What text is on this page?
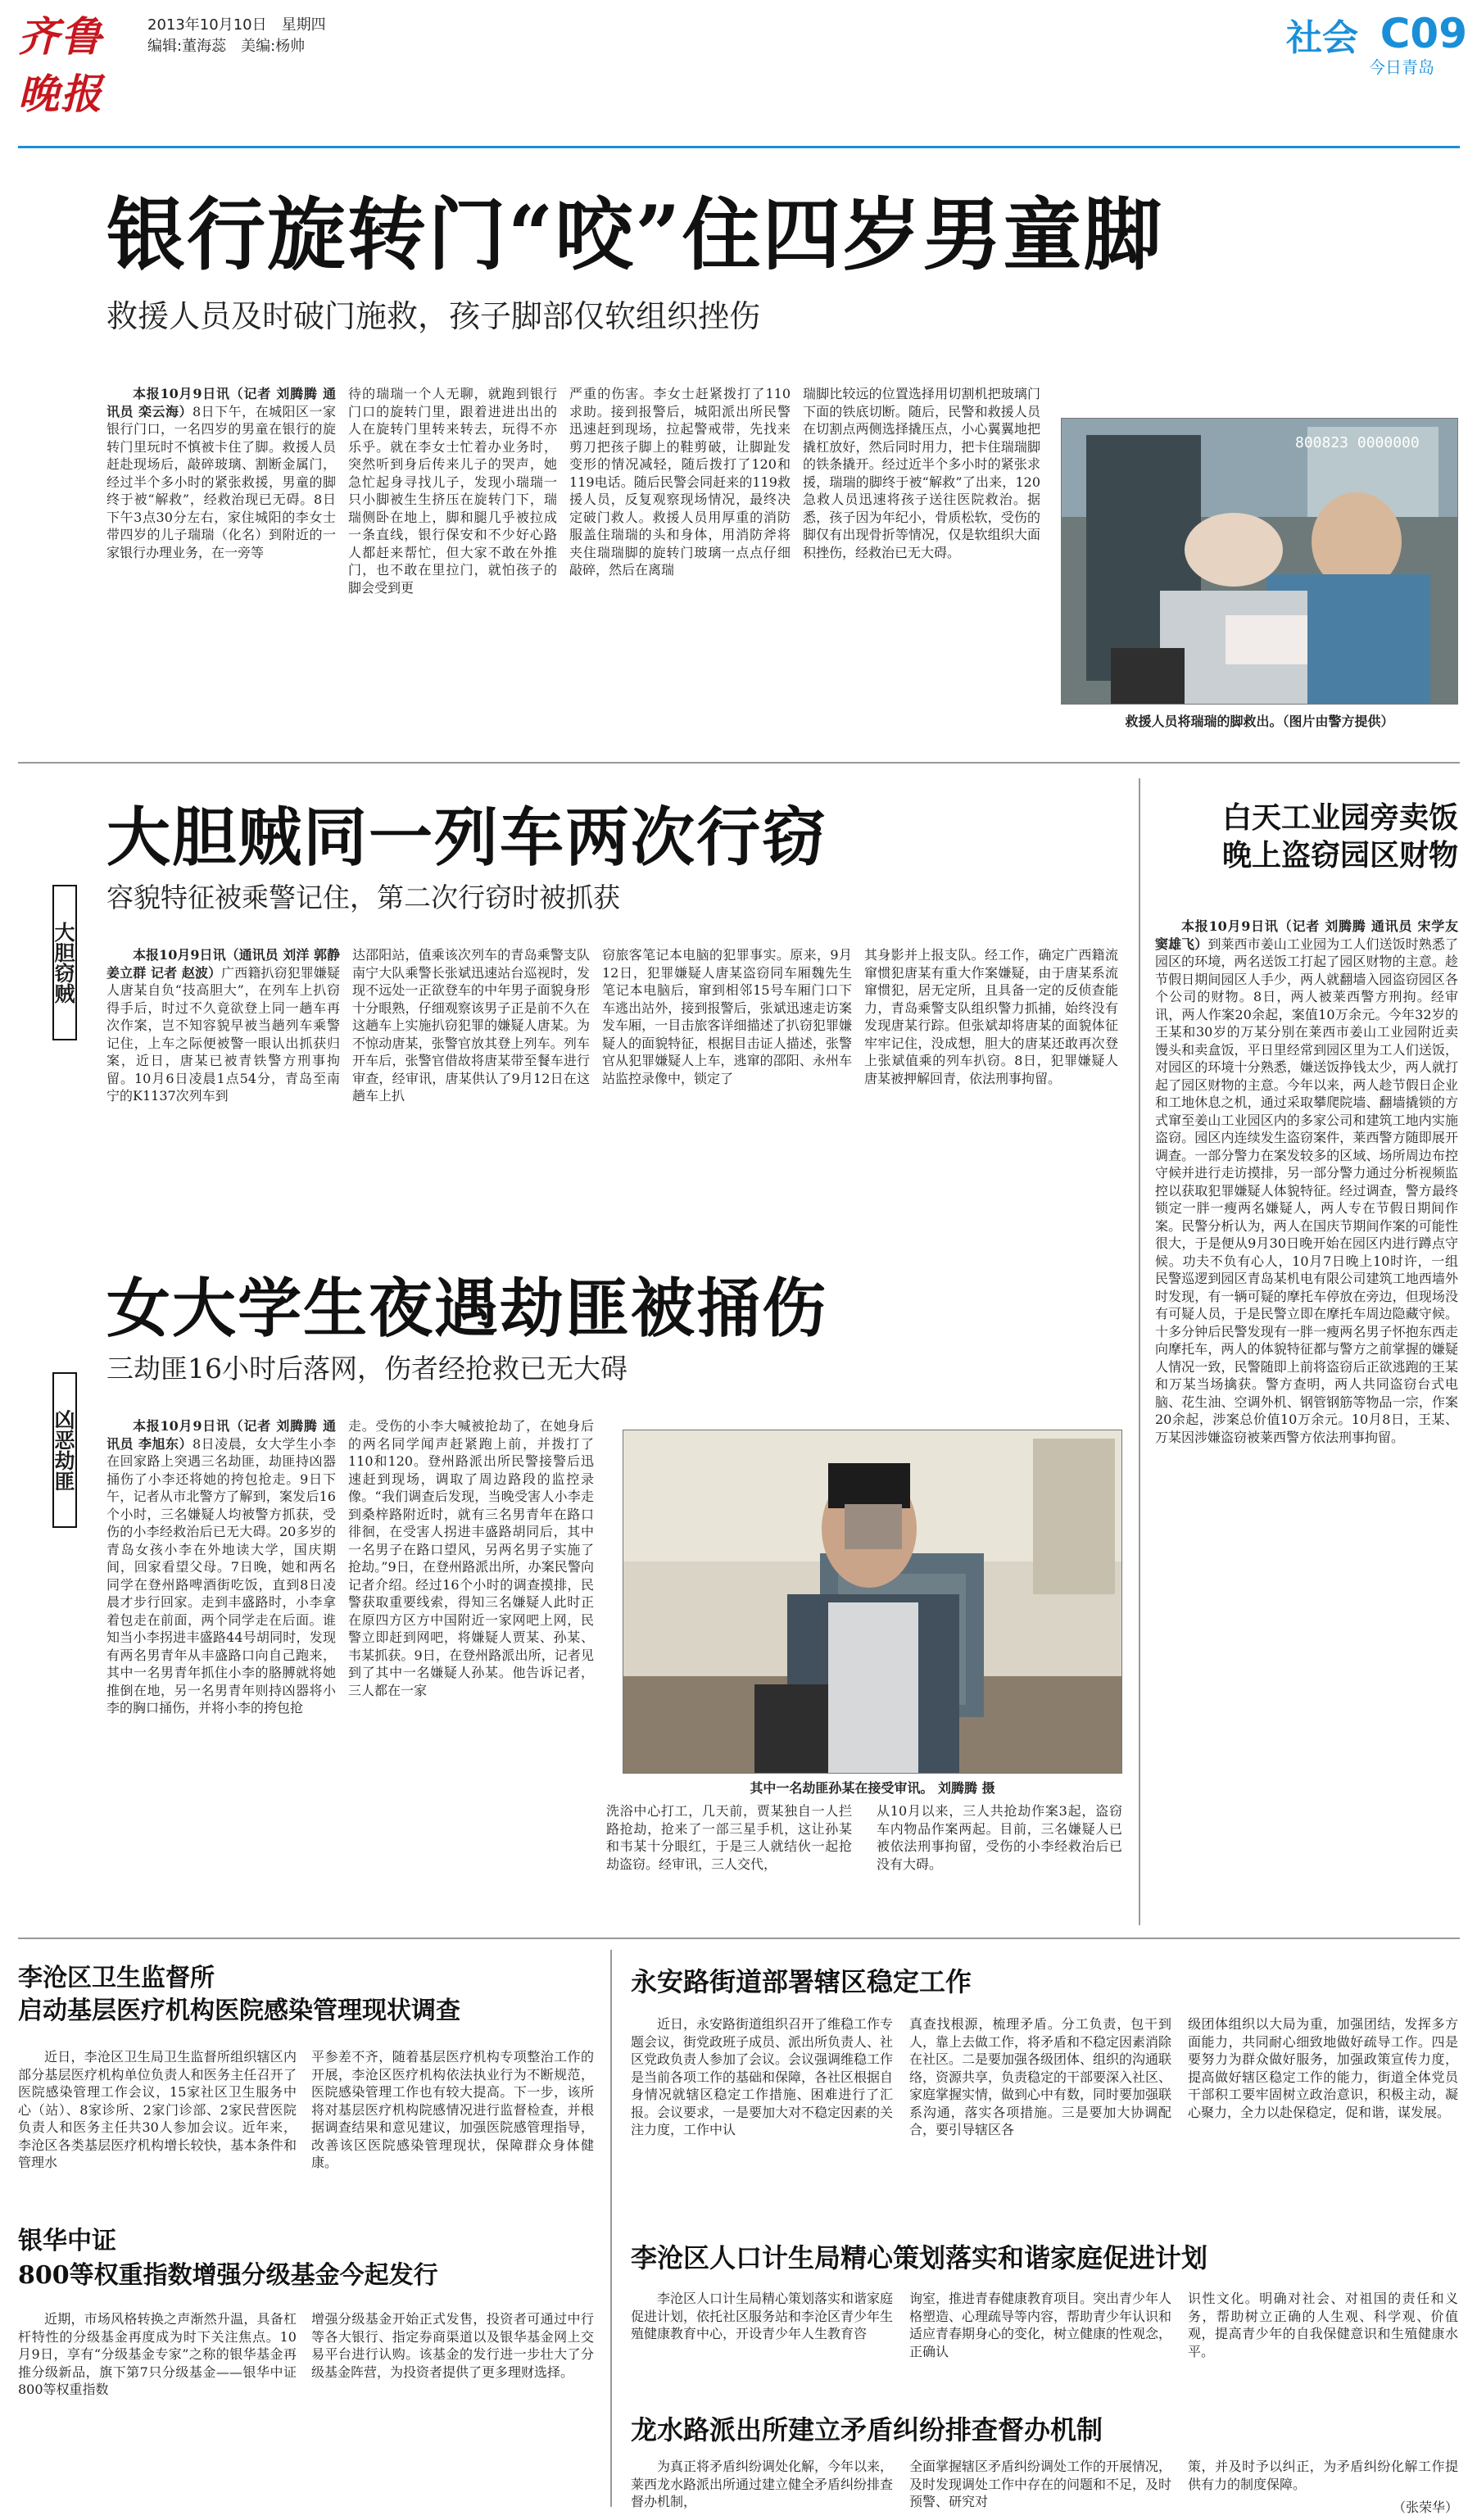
齐鲁晚报
2013年10月10日　星期四
编辑:董海蕊　美编:杨帅	社会 C09
今日青岛
银行旋转门“咬”住四岁男童脚
救援人员及时破门施救，孩子脚部仅软组织挫伤

本报10月9日讯（记者 刘腾腾 通讯员 栾云海）8日下午，在城阳区一家银行门口，一名四岁的男童在银行的旋转门里玩时不慎被卡住了脚。救援人员赶赴现场后，敲碎玻璃、割断金属门，经过半个多小时的紧张救援，男童的脚终于被“解救”，经救治现已无碍。8日下午3点30分左右，家住城阳的李女士带四岁的儿子瑞瑞（化名）到附近的一家银行办理业务，在一旁等

待的瑞瑞一个人无聊，就跑到银行门口的旋转门里，跟着进进出出的人在旋转门里转来转去，玩得不亦乐乎。就在李女士忙着办业务时，突然听到身后传来儿子的哭声，她急忙起身寻找儿子，发现小瑞瑞一只小脚被生生挤压在旋转门下，瑞瑞侧卧在地上，脚和腿几乎被拉成一条直线，银行保安和不少好心路人都赶来帮忙，但大家不敢在外推门，也不敢在里拉门，就怕孩子的脚会受到更

严重的伤害。李女士赶紧拨打了110求助。接到报警后，城阳派出所民警迅速赶到现场，拉起警戒带，先找来剪刀把孩子脚上的鞋剪破，让脚趾发变形的情况减轻，随后拨打了120和119电话。随后民警会同赶来的119救援人员，反复观察现场情况，最终决定破门救人。救援人员用厚重的消防服盖住瑞瑞的头和身体，用消防斧将夹住瑞瑞脚的旋转门玻璃一点点仔细敲碎，然后在离瑞

瑞脚比较远的位置选择用切割机把玻璃门下面的铁底切断。随后，民警和救援人员在切割点两侧选择撬压点，小心翼翼地把撬杠放好，然后同时用力，把卡住瑞瑞脚的铁条撬开。经过近半个多小时的紧张求援，瑞瑞的脚终于被“解救”了出来，120急救人员迅速将孩子送往医院救治。据悉，孩子因为年纪小，骨质松软，受伤的脚仅有出现骨折等情况，仅是软组织大面积挫伤，经救治已无大碍。

800823 0000000
救援人员将瑞瑞的脚救出。（图片由警方提供）
大胆窃贼
大胆贼同一列车两次行窃
容貌特征被乘警记住，第二次行窃时被抓获

本报10月9日讯（通讯员 刘洋 郭静 姜立群 记者 赵波）广西籍扒窃犯罪嫌疑人唐某自负“技高胆大”，在列车上扒窃得手后，时过不久竟欲登上同一趟车再次作案，岂不知容貌早被当趟列车乘警记住，上车之际便被警一眼认出抓获归案，近日，唐某已被青铁警方刑事拘留。10月6日凌晨1点54分，青岛至南宁的K1137次列车到

达邵阳站，值乘该次列车的青岛乘警支队南宁大队乘警长张斌迅速站台巡视时，发现不远处一正欲登车的中年男子面貌身形十分眼熟，仔细观察该男子正是前不久在这趟车上实施扒窃犯罪的嫌疑人唐某。为不惊动唐某，张警官放其登上列车。列车开车后，张警官借故将唐某带至餐车进行审查，经审讯，唐某供认了9月12日在这趟车上扒

窃旅客笔记本电脑的犯罪事实。原来，9月12日，犯罪嫌疑人唐某盗窃同车厢魏先生笔记本电脑后，窜到相邻15号车厢门口下车逃出站外，接到报警后，张斌迅速走访案发车厢，一目击旅客详细描述了扒窃犯罪嫌疑人的面貌特征，根据目击证人描述，张警官从犯罪嫌疑人上车，逃窜的邵阳、永州车站监控录像中，锁定了

其身影并上报支队。经工作，确定广西籍流窜惯犯唐某有重大作案嫌疑，由于唐某系流窜惯犯，居无定所，且具备一定的反侦查能力，青岛乘警支队组织警力抓捕，始终没有发现唐某行踪。但张斌却将唐某的面貌体征牢牢记住，没成想，胆大的唐某还敢再次登上张斌值乘的列车扒窃。8日，犯罪嫌疑人唐某被押解回青，依法刑事拘留。

白天工业园旁卖饭
晚上盗窃园区财物

本报10月9日讯（记者 刘腾腾 通讯员 宋学友 窦雄飞）到莱西市姜山工业园为工人们送饭时熟悉了园区的环境，两名送饭工打起了园区财物的主意。趁节假日期间园区人手少，两人就翻墙入园盗窃园区各个公司的财物。8日，两人被莱西警方刑拘。经审讯，两人作案20余起，案值10万余元。今年32岁的王某和30岁的万某分别在莱西市姜山工业园附近卖馒头和卖盒饭，平日里经常到园区里为工人们送饭，对园区的环境十分熟悉，嫌送饭挣钱太少，两人就打起了园区财物的主意。今年以来，两人趁节假日企业和工地休息之机，通过采取攀爬院墙、翻墙撬锁的方式窜至姜山工业园区内的多家公司和建筑工地内实施盗窃。园区内连续发生盗窃案件，莱西警方随即展开调查。一部分警力在案发较多的区域、场所周边布控守候并进行走访摸排，另一部分警力通过分析视频监控以获取犯罪嫌疑人体貌特征。经过调查，警方最终锁定一胖一瘦两名嫌疑人，两人专在节假日期间作案。民警分析认为，两人在国庆节期间作案的可能性很大，于是便从9月30日晚开始在园区内进行蹲点守候。功夫不负有心人，10月7日晚上10时许，一组民警巡逻到园区青岛某机电有限公司建筑工地西墙外时发现，有一辆可疑的摩托车停放在旁边，但现场没有可疑人员，于是民警立即在摩托车周边隐藏守候。十多分钟后民警发现有一胖一瘦两名男子怀抱东西走向摩托车，两人的体貌特征都与警方之前掌握的嫌疑人情况一致，民警随即上前将盗窃后正欲逃跑的王某和万某当场擒获。警方查明，两人共同盗窃台式电脑、花生油、空调外机、钢管钢筋等物品一宗，作案20余起，涉案总价值10万余元。10月8日，王某、万某因涉嫌盗窃被莱西警方依法刑事拘留。

凶恶劫匪
女大学生夜遇劫匪被捅伤
三劫匪16小时后落网，伤者经抢救已无大碍

本报10月9日讯（记者 刘腾腾 通讯员 李旭东）8日凌晨，女大学生小李在回家路上突遇三名劫匪，劫匪持凶器捅伤了小李还将她的挎包抢走。9日下午，记者从市北警方了解到，案发后16个小时，三名嫌疑人均被警方抓获，受伤的小李经救治后已无大碍。20多岁的青岛女孩小李在外地读大学，国庆期间，回家看望父母。7日晚，她和两名同学在登州路啤酒街吃饭，直到8日凌晨才步行回家。走到丰盛路时，小李拿着包走在前面，两个同学走在后面。谁知当小李拐进丰盛路44号胡同时，发现有两名男青年从丰盛路口向自己跑来，其中一名男青年抓住小李的胳膊就将她推倒在地，另一名男青年则持凶器将小李的胸口捅伤，并将小李的挎包抢

走。受伤的小李大喊被抢劫了，在她身后的两名同学闻声赶紧跑上前，并拨打了110和120。登州路派出所民警接警后迅速赶到现场，调取了周边路段的监控录像。“我们调查后发现，当晚受害人小李走到桑梓路附近时，就有三名男青年在路口徘徊，在受害人拐进丰盛路胡同后，其中一名男子在路口望风，另两名男子实施了抢劫。”9日，在登州路派出所，办案民警向记者介绍。经过16个小时的调查摸排，民警获取重要线索，得知三名嫌疑人此时正在原四方区方中国附近一家网吧上网，民警立即赶到网吧，将嫌疑人贾某、孙某、韦某抓获。9日，在登州路派出所，记者见到了其中一名嫌疑人孙某。他告诉记者，三人都在一家

其中一名劫匪孙某在接受审讯。 刘腾腾 摄

洗浴中心打工，几天前，贾某独自一人拦路抢劫，抢来了一部三星手机，这让孙某和韦某十分眼红，于是三人就结伙一起抢劫盗窃。经审讯，三人交代，

从10月以来，三人共抢劫作案3起，盗窃车内物品作案两起。目前，三名嫌疑人已被依法刑事拘留，受伤的小李经救治后已没有大碍。

李沧区卫生监督所
启动基层医疗机构医院感染管理现状调查

近日，李沧区卫生局卫生监督所组织辖区内部分基层医疗机构单位负责人和医务主任召开了医院感染管理工作会议，15家社区卫生服务中心（站）、8家诊所、2家门诊部、2家民营医院负责人和医务主任共30人参加会议。近年来，李沧区各类基层医疗机构增长较快，基本条件和管理水

平参差不齐，随着基层医疗机构专项整治工作的开展，李沧区医疗机构依法执业行为不断规范，医院感染管理工作也有较大提高。下一步，该所将对基层医疗机构院感情况进行监督检查，并根据调查结果和意见建议，加强医院感管理指导，改善该区医院感染管理现状，保障群众身体健康。

银华中证
800等权重指数增强分级基金今起发行

近期，市场风格转换之声渐然升温，具备杠杆特性的分级基金再度成为时下关注焦点。10月9日，享有“分级基金专家”之称的银华基金再推分级新品，旗下第7只分级基金——银华中证800等权重指数

增强分级基金开始正式发售，投资者可通过中行等各大银行、指定券商渠道以及银华基金网上交易平台进行认购。该基金的发行进一步壮大了分级基金阵营，为投资者提供了更多理财选择。

永安路街道部署辖区稳定工作

近日，永安路街道组织召开了维稳工作专题会议，街党政班子成员、派出所负责人、社区党政负责人参加了会议。会议强调维稳工作是当前各项工作的基础和保障，各社区根据自身情况就辖区稳定工作措施、困难进行了汇报。会议要求，一是要加大对不稳定因素的关注力度，工作中认

真查找根源，梳理矛盾。分工负责，包干到人，靠上去做工作，将矛盾和不稳定因素消除在社区。二是要加强各级团体、组织的沟通联络，资源共享，负责稳定的干部要深入社区、家庭掌握实情，做到心中有数，同时要加强联系沟通，落实各项措施。三是要加大协调配合，要引导辖区各

级团体组织以大局为重，加强团结，发挥多方面能力，共同耐心细致地做好疏导工作。四是要努力为群众做好服务，加强政策宣传力度，提高做好辖区稳定工作的能力，街道全体党员干部积工要牢固树立政治意识，积极主动，凝心聚力，全力以赴保稳定，促和谐，谋发展。

李沧区人口计生局精心策划落实和谐家庭促进计划

李沧区人口计生局精心策划落实和谐家庭促进计划，依托社区服务站和李沧区青少年生殖健康教育中心，开设青少年人生教育咨

询室，推进青春健康教育项目。突出青少年人格塑造、心理疏导等内容，帮助青少年认识和适应青春期身心的变化，树立健康的性观念，正确认

识性文化。明确对社会、对祖国的责任和义务，帮助树立正确的人生观、科学观、价值观，提高青少年的自我保健意识和生殖健康水平。

龙水路派出所建立矛盾纠纷排查督办机制

为真正将矛盾纠纷调处化解，今年以来，莱西龙水路派出所通过建立健全矛盾纠纷排查督办机制，

全面掌握辖区矛盾纠纷调处工作的开展情况，及时发现调处工作中存在的问题和不足，及时预警、研究对

策，并及时予以纠正，为矛盾纠纷化解工作提供有力的制度保障。

（张荣华）
